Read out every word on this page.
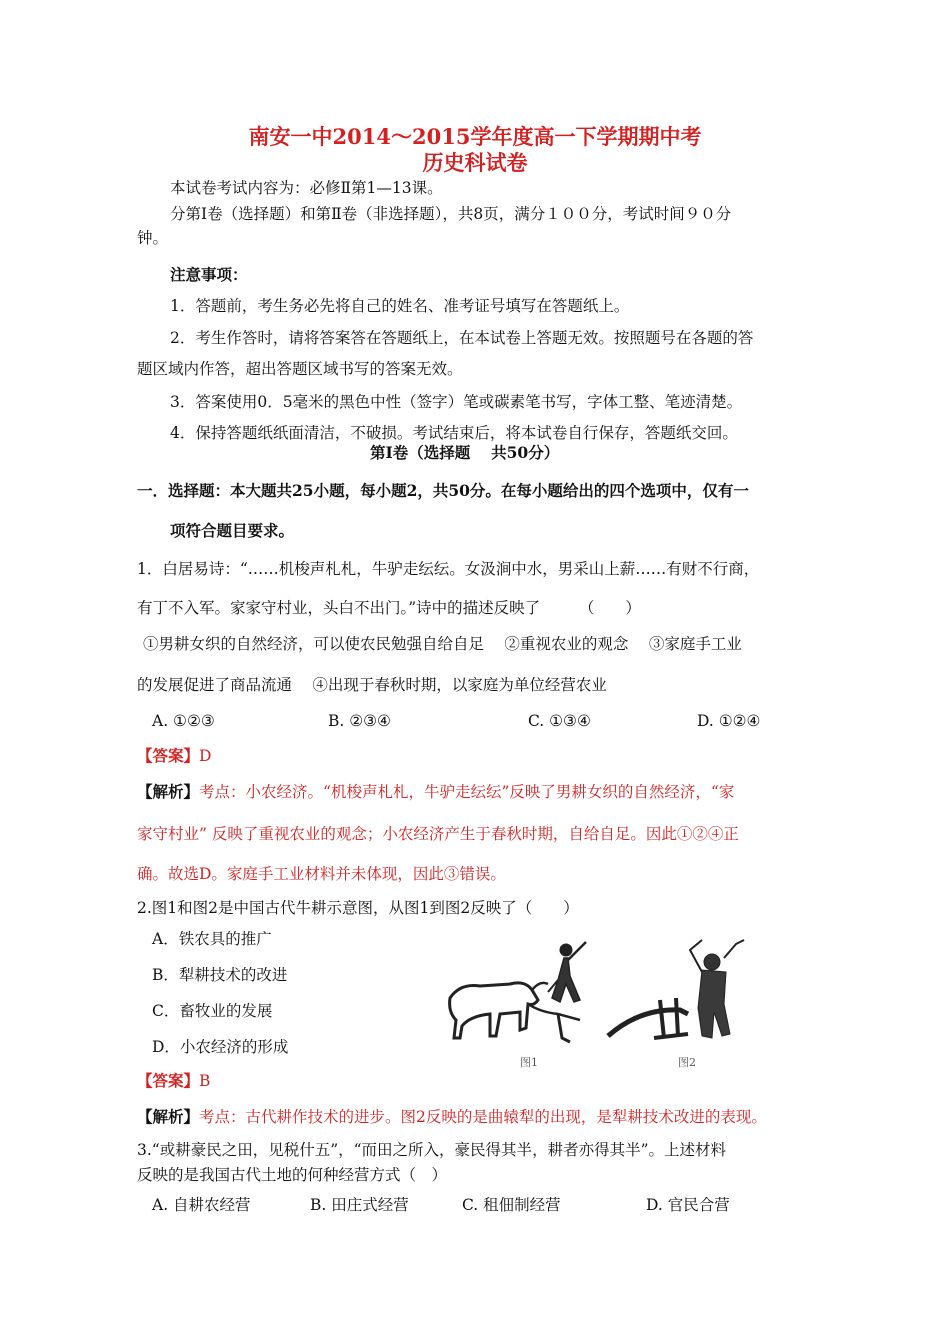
南安一中2014～2015学年度高一下学期期中考
历史科试卷
本试卷考试内容为：必修Ⅱ第1—13课。
分第Ⅰ卷（选择题）和第Ⅱ卷（非选择题），共8页，满分１００分，考试时间９０分
钟。
注意事项：
1．答题前，考生务必先将自己的姓名、准考证号填写在答题纸上。
2．考生作答时，请将答案答在答题纸上，在本试卷上答题无效。按照题号在各题的答
题区域内作答，超出答题区域书写的答案无效。
3．答案使用0．5毫米的黑色中性（签字）笔或碳素笔书写，字体工整、笔迹清楚。
4．保持答题纸纸面清洁，不破损。考试结束后，将本试卷自行保存，答题纸交回。
第Ⅰ卷（选择题　 共50分）
一．选择题：本大题共25小题，每小题2，共50分。在每小题给出的四个选项中，仅有一
项符合题目要求。
1．白居易诗：“……机梭声札札，牛驴走纭纭。女汲涧中水，男采山上薪……有财不行商，
有丁不入军。家家守村业，头白不出门。”诗中的描述反映了　　　（　　）
①男耕女织的自然经济，可以使农民勉强自给自足　 ②重视农业的观念　 ③家庭手工业
的发展促进了商品流通　 ④出现于春秋时期，以家庭为单位经营农业
A. ①②③	B. ②③④	C. ①③④	D. ①②④
【答案】D
【解析】考点：小农经济。“机梭声札札，牛驴走纭纭”反映了男耕女织的自然经济，“家
家守村业” 反映了重视农业的观念；小农经济产生于春秋时期，自给自足。因此①②④正
确。故选D。家庭手工业材料并未体现，因此③错误。
2.图1和图2是中国古代牛耕示意图，从图1到图2反映了（　　）
A．铁农具的推广
B．犁耕技术的改进
C．畜牧业的发展
D．小农经济的形成
图1	图2
【答案】B
【解析】考点：古代耕作技术的进步。图2反映的是曲辕犁的出现，是犁耕技术改进的表现。
3.“或耕豪民之田，见税什五”，“而田之所入，豪民得其半，耕者亦得其半”。上述材料
反映的是我国古代土地的何种经营方式（　）
A. 自耕农经营	B. 田庄式经营	C. 租佃制经营	D. 官民合营
